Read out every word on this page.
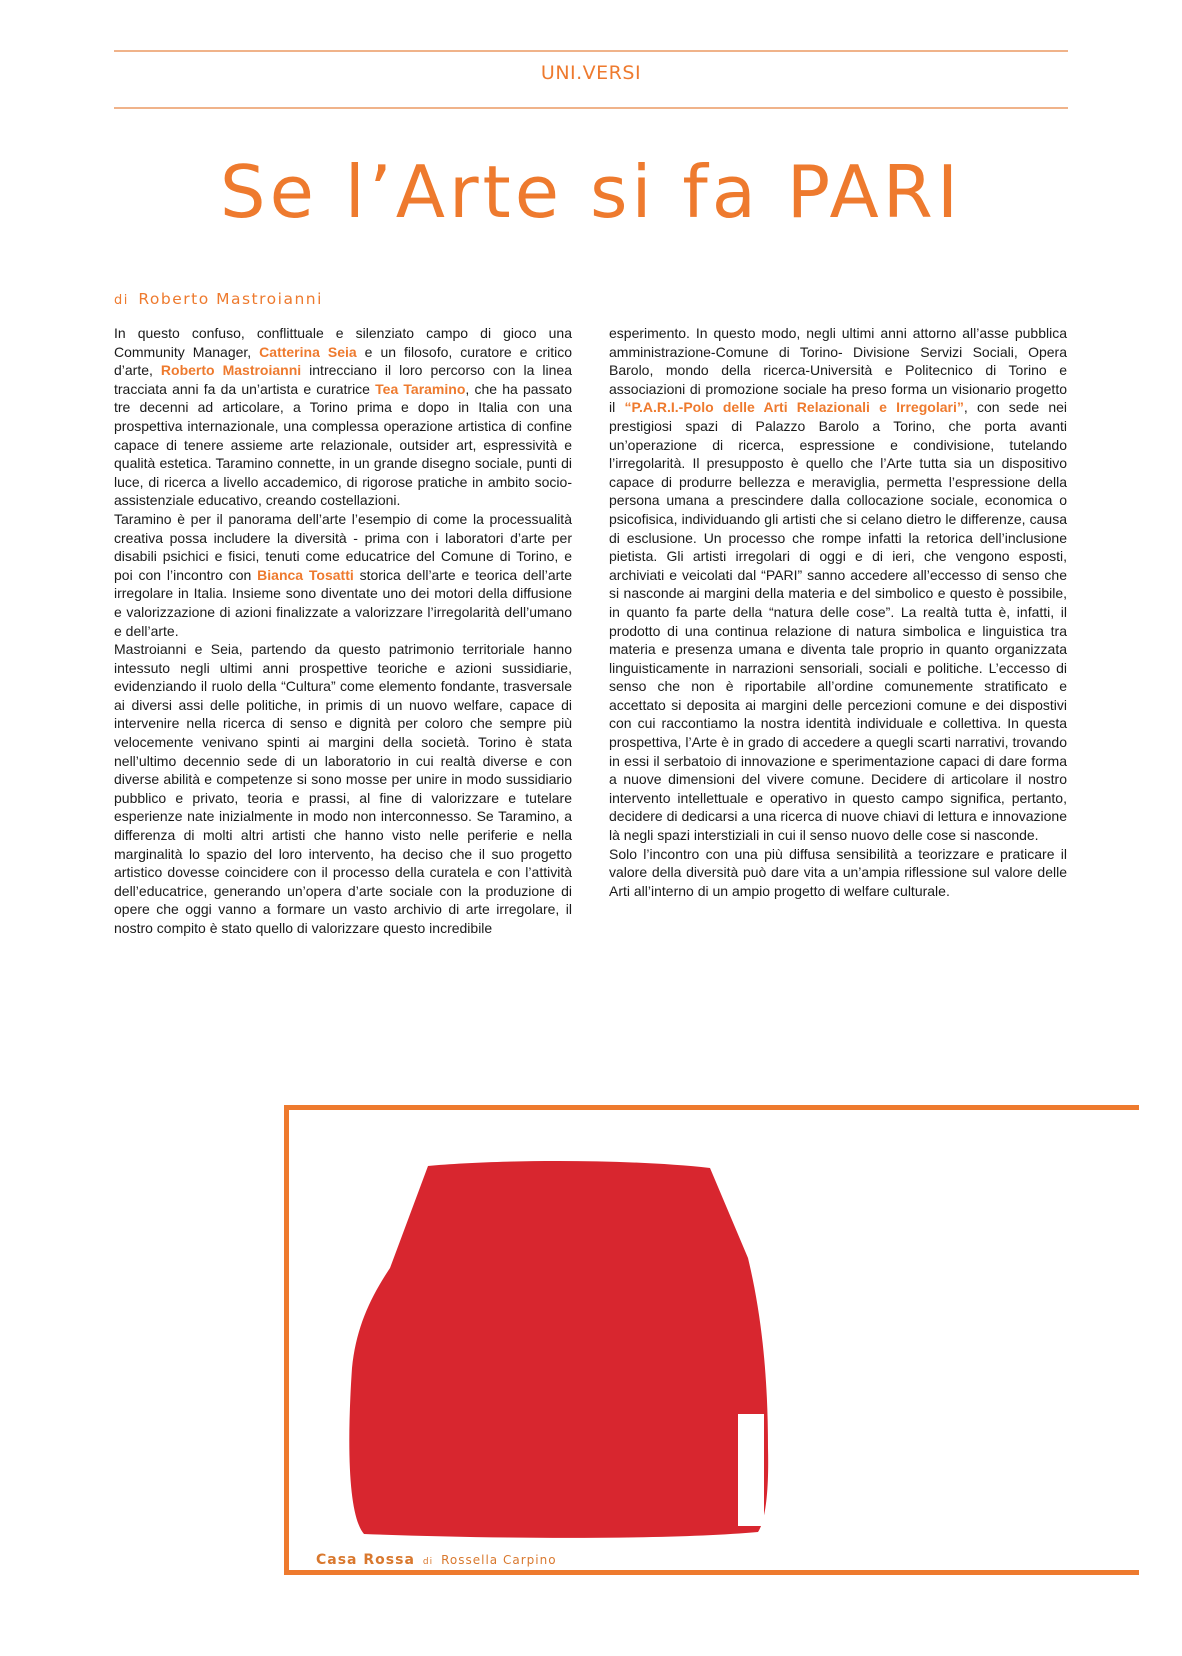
UNI.VERSI
Se l’Arte si fa PARI
di Roberto Mastroianni

In questo confuso, conflittuale e silenziato campo di gioco una Community Manager, Catterina Seia e un filosofo, curatore e critico d’arte, Roberto Mastroianni intrecciano il loro percorso con la linea tracciata anni fa da un’artista e curatrice Tea Taramino, che ha passato tre decenni ad articolare, a Torino prima e dopo in Italia con una prospettiva internazionale, una complessa operazione artistica di confine capace di tenere assieme arte relazionale, outsider art, espressività e qualità estetica. Taramino connette, in un grande disegno sociale, punti di luce, di ricerca a livello accademico, di rigorose pratiche in ambito socio-assistenziale educativo, creando costellazioni.
Taramino è per il panorama dell’arte l’esempio di come la processualità creativa possa includere la diversità - prima con i laboratori d’arte per disabili psichici e fisici, tenuti come educatrice del Comune di Torino, e poi con l’incontro con Bianca Tosatti storica dell’arte e teorica dell’arte irregolare in Italia. Insieme sono diventate uno dei motori della diffusione e valorizzazione di azioni finalizzate a valorizzare l’irregolarità dell’umano e dell’arte.
Mastroianni e Seia, partendo da questo patrimonio territoriale hanno intessuto negli ultimi anni prospettive teoriche e azioni sussidiarie, evidenziando il ruolo della “Cultura” come elemento fondante, trasversale ai diversi assi delle politiche, in primis di un nuovo welfare, capace di intervenire nella ricerca di senso e dignità per coloro che sempre più velocemente venivano spinti ai margini della società. Torino è stata nell’ultimo decennio sede di un laboratorio in cui realtà diverse e con diverse abilità e competenze si sono mosse per unire in modo sussidiario pubblico e privato, teoria e prassi, al fine di valorizzare e tutelare esperienze nate inizialmente in modo non interconnesso. Se Taramino, a differenza di molti altri artisti che hanno visto nelle periferie e nella marginalità lo spazio del loro intervento, ha deciso che il suo progetto artistico dovesse coincidere con il processo della curatela e con l’attività dell’educatrice, generando un’opera d’arte sociale con la produzione di opere che oggi vanno a formare un vasto archivio di arte irregolare, il nostro compito è stato quello di valorizzare questo incredibile

esperimento. In questo modo, negli ultimi anni attorno all’asse pubblica amministrazione-Comune di Torino- Divisione Servizi Sociali, Opera Barolo, mondo della ricerca-Università e Politecnico di Torino e associazioni di promozione sociale ha preso forma un visionario progetto il “P.A.R.I.-Polo delle Arti Relazionali e Irregolari”, con sede nei prestigiosi spazi di Palazzo Barolo a Torino, che porta avanti un’operazione di ricerca, espressione e condivisione, tutelando l’irregolarità. Il presupposto è quello che l’Arte tutta sia un dispositivo capace di produrre bellezza e meraviglia, permetta l’espressione della persona umana a prescindere dalla collocazione sociale, economica o psicofisica, individuando gli artisti che si celano dietro le differenze, causa di esclusione. Un processo che rompe infatti la retorica dell’inclusione pietista. Gli artisti irregolari di oggi e di ieri, che vengono esposti, archiviati e veicolati dal “PARI” sanno accedere all’eccesso di senso che si nasconde ai margini della materia e del simbolico e questo è possibile, in quanto fa parte della “natura delle cose”. La realtà tutta è, infatti, il prodotto di una continua relazione di natura simbolica e linguistica tra materia e presenza umana e diventa tale proprio in quanto organizzata linguisticamente in narrazioni sensoriali, sociali e politiche. L’eccesso di senso che non è riportabile all’ordine comunemente stratificato e accettato si deposita ai margini delle percezioni comune e dei dispostivi con cui raccontiamo la nostra identità individuale e collettiva. In questa prospettiva, l’Arte è in grado di accedere a quegli scarti narrativi, trovando in essi il serbatoio di innovazione e sperimentazione capaci di dare forma a nuove dimensioni del vivere comune. Decidere di articolare il nostro intervento intellettuale e operativo in questo campo significa, pertanto, decidere di dedicarsi a una ricerca di nuove chiavi di lettura e innovazione là negli spazi interstiziali in cui il senso nuovo delle cose si nasconde.
Solo l’incontro con una più diffusa sensibilità a teorizzare e praticare il valore della diversità può dare vita a un’ampia riflessione sul valore delle Arti all’interno di un ampio progetto di welfare culturale.

Casa Rossa di Rossella Carpino
